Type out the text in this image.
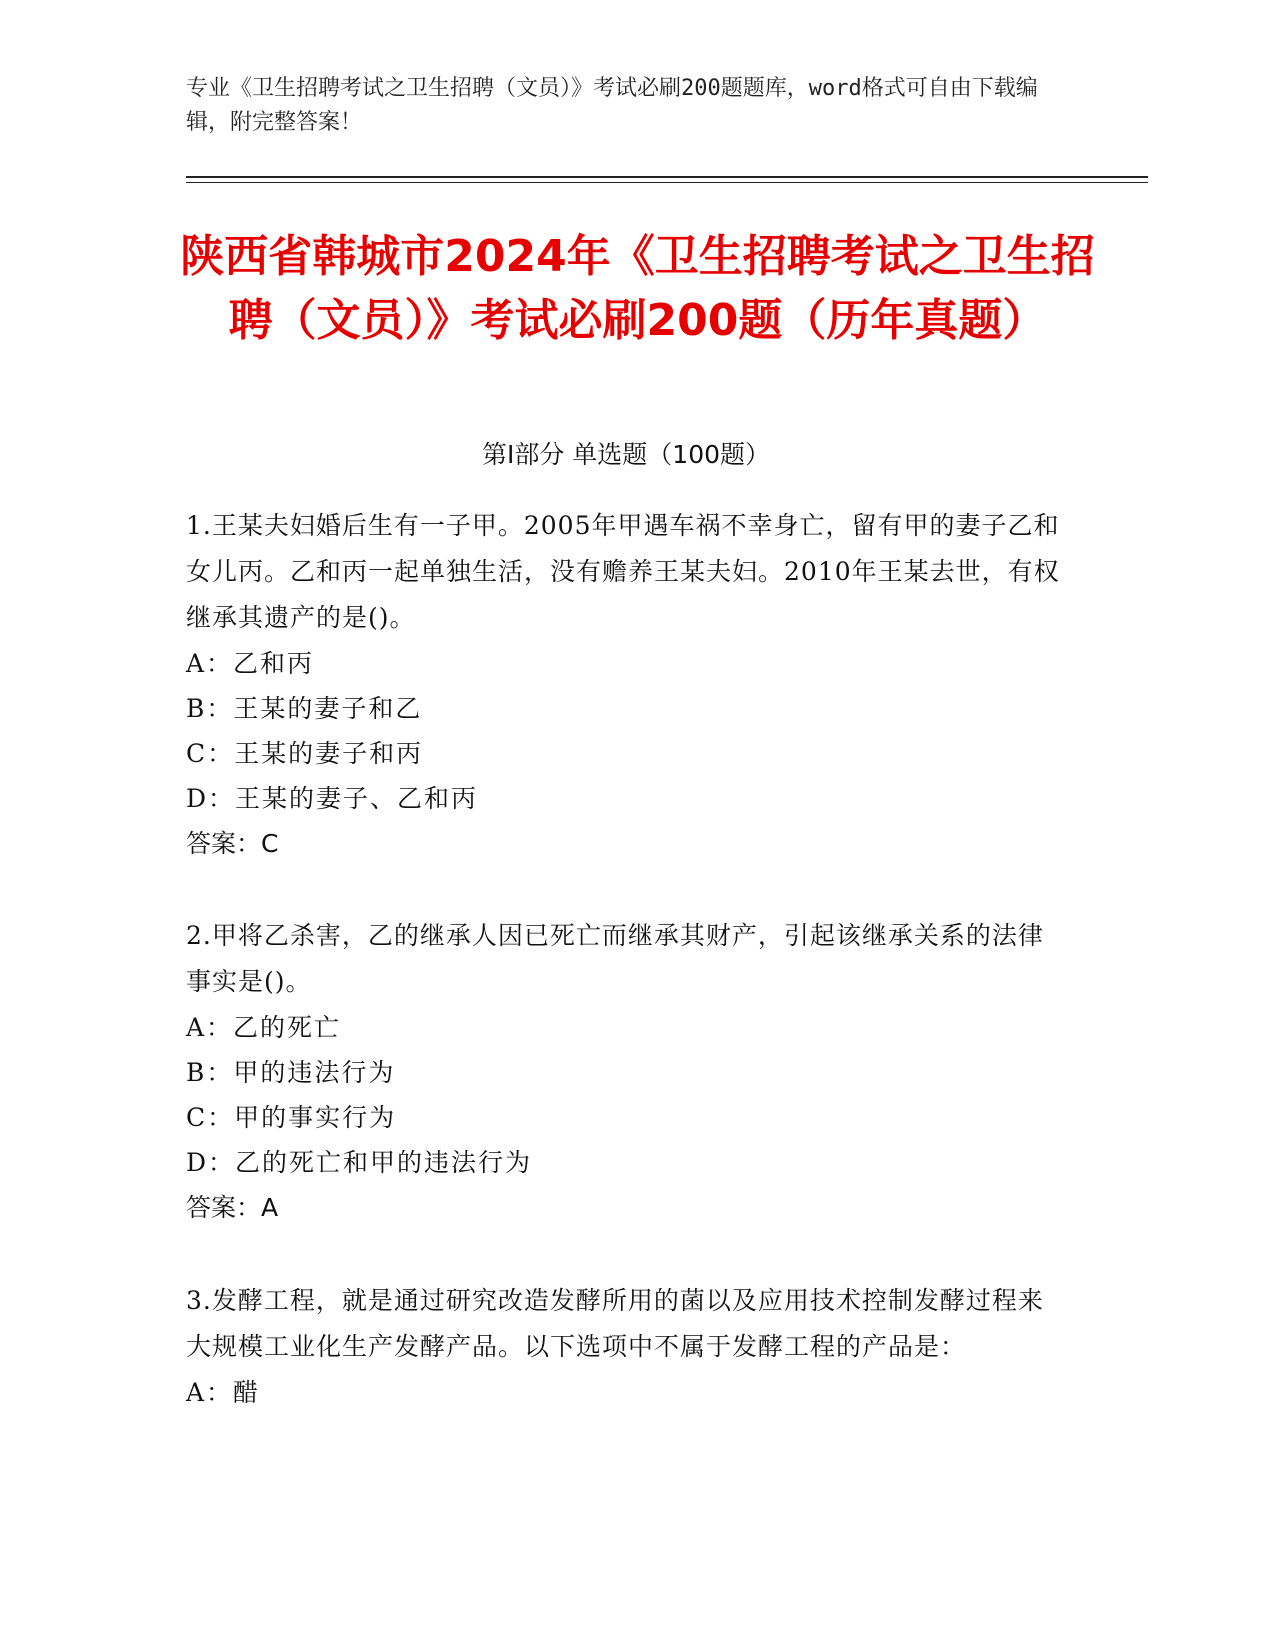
专业《卫生招聘考试之卫生招聘（文员）》考试必刷200题题库，word格式可自由下载编辑，附完整答案！
陕西省韩城市2024年《卫生招聘考试之卫生招聘（文员）》考试必刷200题（历年真题）
第Ⅰ部分 单选题（100题）
1.王某夫妇婚后生有一子甲。2005年甲遇车祸不幸身亡，留有甲的妻子乙和女儿丙。乙和丙一起单独生活，没有赡养王某夫妇。2010年王某去世，有权继承其遗产的是()。
A：乙和丙
B：王某的妻子和乙
C：王某的妻子和丙
D：王某的妻子、乙和丙
答案：C
2.甲将乙杀害，乙的继承人因已死亡而继承其财产，引起该继承关系的法律事实是()。
A：乙的死亡
B：甲的违法行为
C：甲的事实行为
D：乙的死亡和甲的违法行为
答案：A
3.发酵工程，就是通过研究改造发酵所用的菌以及应用技术控制发酵过程来大规模工业化生产发酵产品。以下选项中不属于发酵工程的产品是：
A：醋
